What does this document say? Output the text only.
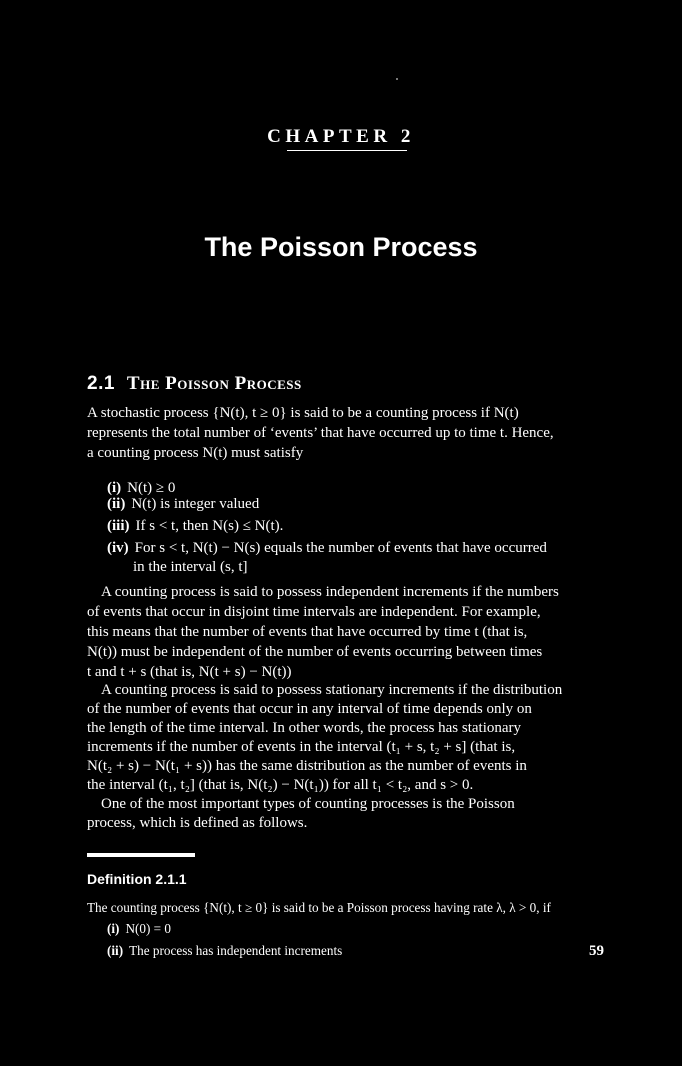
CHAPTER 2
The Poisson Process
2.1 The Poisson Process
A stochastic process {N(t), t ≥ 0} is said to be a counting process if N(t)
represents the total number of ‘events’ that have occurred up to time t. Hence,
a counting process N(t) must satisfy
(i) N(t) ≥ 0
(ii) N(t) is integer valued
(iii) If s < t, then N(s) ≤ N(t).
(iv) For s < t, N(t) − N(s) equals the number of events that have occurred
in the interval (s, t]
A counting process is said to possess independent increments if the numbers
of events that occur in disjoint time intervals are independent. For example,
this means that the number of events that have occurred by time t (that is,
N(t)) must be independent of the number of events occurring between times
t and t + s (that is, N(t + s) − N(t))
A counting process is said to possess stationary increments if the distribution
of the number of events that occur in any interval of time depends only on
the length of the time interval. In other words, the process has stationary
increments if the number of events in the interval (t₁ + s, t₂ + s] (that is,
N(t₂ + s) − N(t₁ + s)) has the same distribution as the number of events in
the interval (t₁, t₂] (that is, N(t₂) − N(t₁)) for all t₁ < t₂, and s > 0.
One of the most important types of counting processes is the Poisson
process, which is defined as follows.
Definition 2.1.1
The counting process {N(t), t ≥ 0} is said to be a Poisson process having rate λ, λ > 0, if
(i) N(0) = 0
(ii) The process has independent increments	59
